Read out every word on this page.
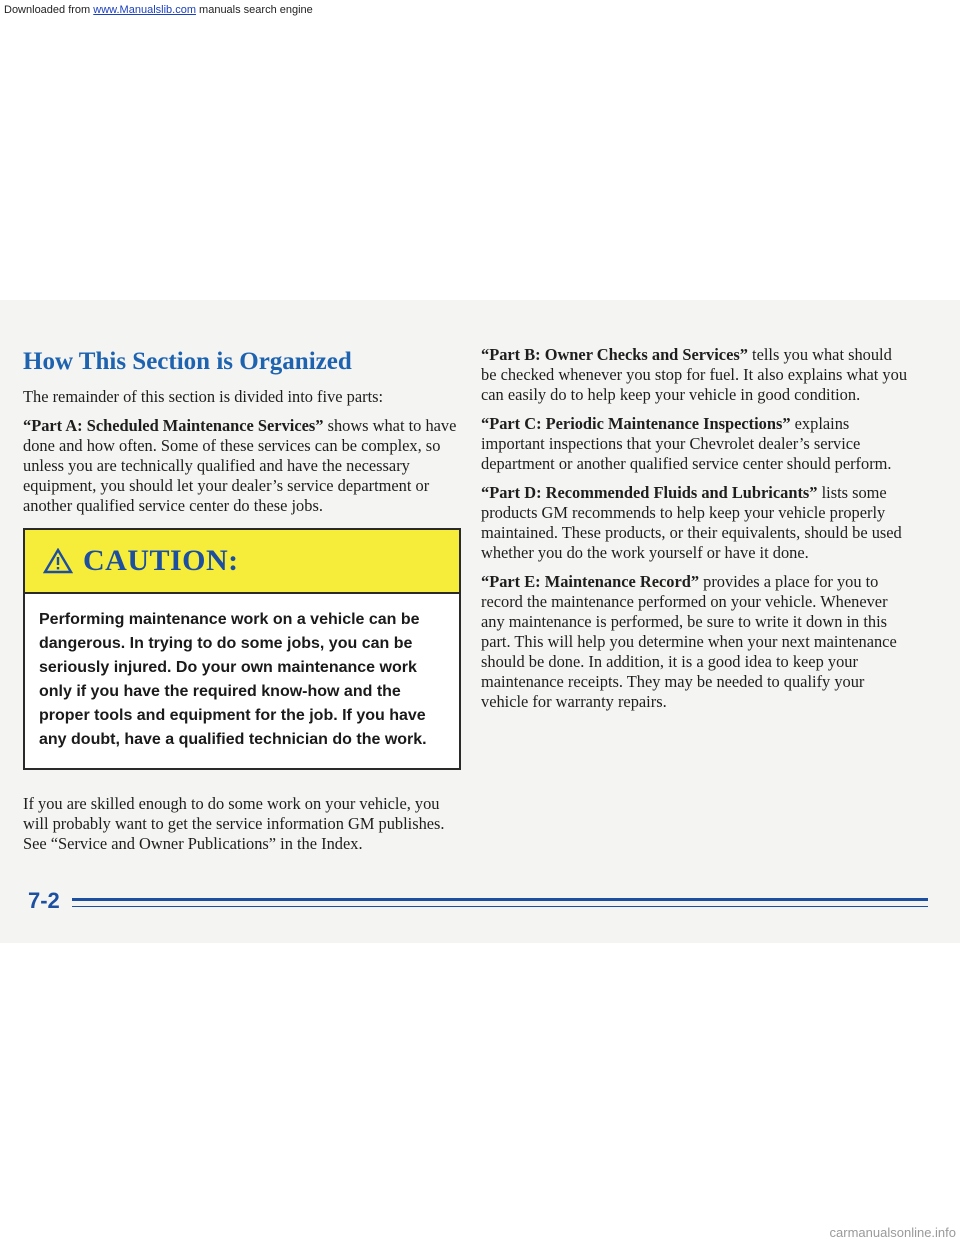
Downloaded from www.Manualslib.com manuals search engine
How This Section is Organized

The remainder of this section is divided into five parts:

“Part A: Scheduled Maintenance Services” shows what to have done and how often. Some of these services can be complex, so unless you are technically qualified and have the necessary equipment, you should let your dealer’s service department or another qualified service center do these jobs.

CAUTION:
Performing maintenance work on a vehicle can be dangerous. In trying to do some jobs, you can be seriously injured. Do your own maintenance work only if you have the required know-how and the proper tools and equipment for the job. If you have any doubt, have a qualified technician do the work.

If you are skilled enough to do some work on your vehicle, you will probably want to get the service information GM publishes. See “Service and Owner Publications” in the Index.

“Part B: Owner Checks and Services” tells you what should be checked whenever you stop for fuel. It also explains what you can easily do to help keep your vehicle in good condition.

“Part C: Periodic Maintenance Inspections” explains important inspections that your Chevrolet dealer’s service department or another qualified service center should perform.

“Part D: Recommended Fluids and Lubricants” lists some products GM recommends to help keep your vehicle properly maintained. These products, or their equivalents, should be used whether you do the work yourself or have it done.

“Part E: Maintenance Record” provides a place for you to record the maintenance performed on your vehicle. Whenever any maintenance is performed, be sure to write it down in this part. This will help you determine when your next maintenance should be done. In addition, it is a good idea to keep your maintenance receipts. They may be needed to qualify your vehicle for warranty repairs.

7-2
carmanualsonline.info
